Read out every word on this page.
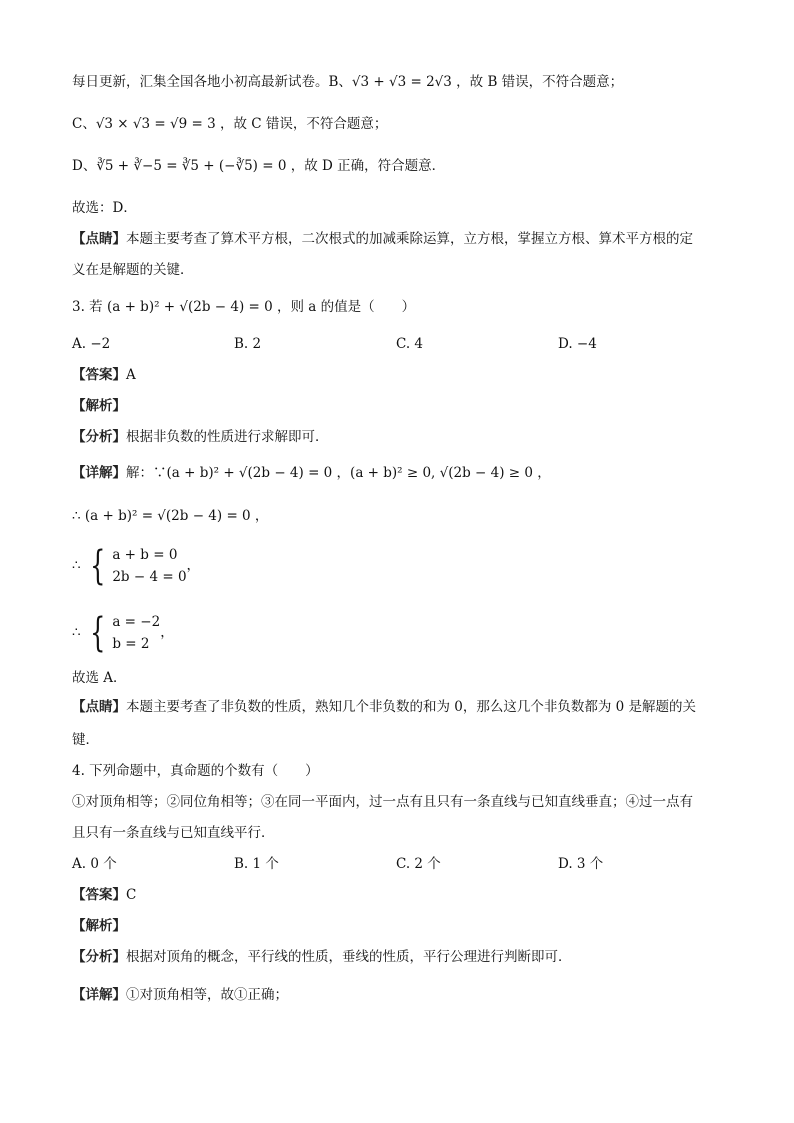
每日更新，汇集全国各地小初高最新试卷。B、√3 + √3 = 2√3 ，故 B 错误，不符合题意；
C、√3 × √3 = √9 = 3 ，故 C 错误，不符合题意；
D、∛5 + ∛−5 = ∛5 + (−∛5) = 0 ，故 D 正确，符合题意．
故选：D．
【点睛】本题主要考查了算术平方根，二次根式的加减乘除运算，立方根，掌握立方根、算术平方根的定
义在是解题的关键．
3. 若 (a + b)² + √(2b − 4) = 0 ，则 a 的值是（　　）
A. −2	B. 2	C. 4	D. −4
【答案】A
【解析】
【分析】根据非负数的性质进行求解即可．
【详解】解：∵(a + b)² + √(2b − 4) = 0 ，(a + b)² ≥ 0, √(2b − 4) ≥ 0 ，
∴ (a + b)² = √(2b − 4) = 0 ，
∴ { a + b = 0
2b − 4 = 0
，
∴ { a = −2
b = 2
，
故选 A．
【点睛】本题主要考查了非负数的性质，熟知几个非负数的和为 0，那么这几个非负数都为 0 是解题的关
键．
4. 下列命题中，真命题的个数有（　　）
①对顶角相等；②同位角相等；③在同一平面内，过一点有且只有一条直线与已知直线垂直；④过一点有
且只有一条直线与已知直线平行．
A. 0 个	B. 1 个	C. 2 个	D. 3 个
【答案】C
【解析】
【分析】根据对顶角的概念，平行线的性质，垂线的性质，平行公理进行判断即可．
【详解】①对顶角相等，故①正确；
